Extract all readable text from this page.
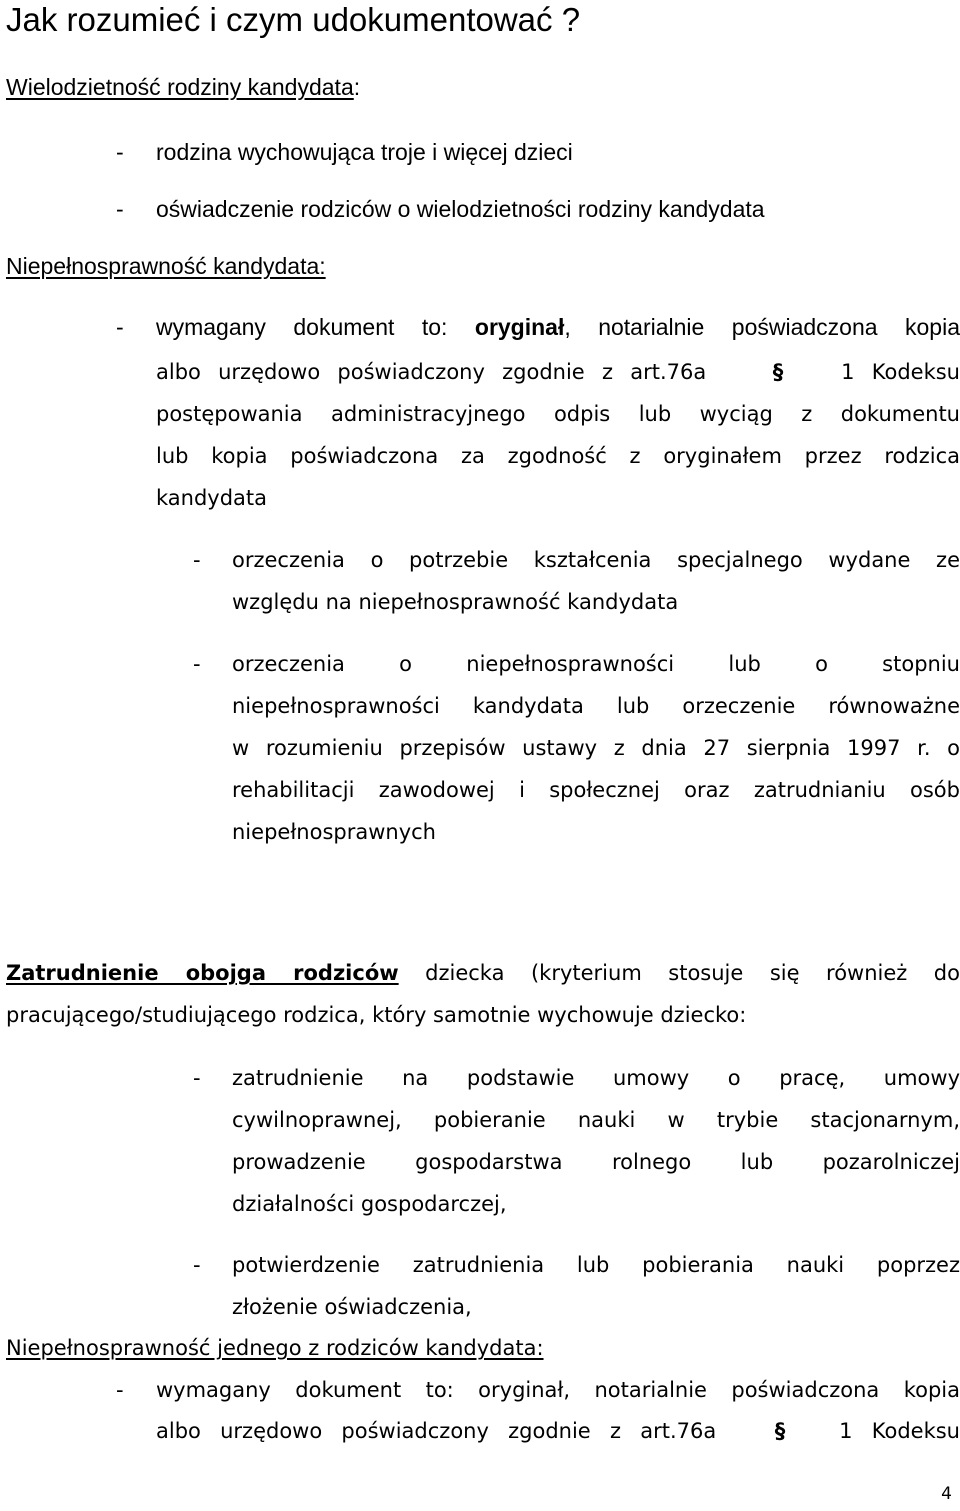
Jak rozumieć i czym udokumentować ?
Wielodzietność rodziny kandydata:
- rodzina wychowująca troje i więcej dzieci
- oświadczenie rodziców o wielodzietności rodziny kandydata
Niepełnosprawność kandydata:
- wymagany dokument to: oryginał, notarialnie poświadczona kopia
albo urzędowo poświadczony zgodnie z art.76a	§	1 Kodeksu
postępowania administracyjnego odpis lub wyciąg z dokumentu
lub kopia poświadczona za zgodność z oryginałem przez rodzica
kandydata
- orzeczenia o potrzebie kształcenia specjalnego wydane ze
względu na niepełnosprawność kandydata
- orzeczenia o niepełnosprawności lub o stopniu
niepełnosprawności kandydata lub orzeczenie równoważne
w rozumieniu przepisów ustawy z dnia 27 sierpnia 1997 r. o
rehabilitacji zawodowej i społecznej oraz zatrudnianiu osób
niepełnosprawnych
Zatrudnienie obojga rodziców dziecka (kryterium stosuje się również do
pracującego/studiującego rodzica, który samotnie wychowuje dziecko:
- zatrudnienie na podstawie umowy o pracę, umowy
cywilnoprawnej, pobieranie nauki w trybie stacjonarnym,
prowadzenie gospodarstwa rolnego lub pozarolniczej
działalności gospodarczej,
- potwierdzenie zatrudnienia lub pobierania nauki poprzez
złożenie oświadczenia,
Niepełnosprawność jednego z rodziców kandydata:
- wymagany dokument to: oryginał, notarialnie poświadczona kopia
albo urzędowo poświadczony zgodnie z art.76a	§	1 Kodeksu
4
